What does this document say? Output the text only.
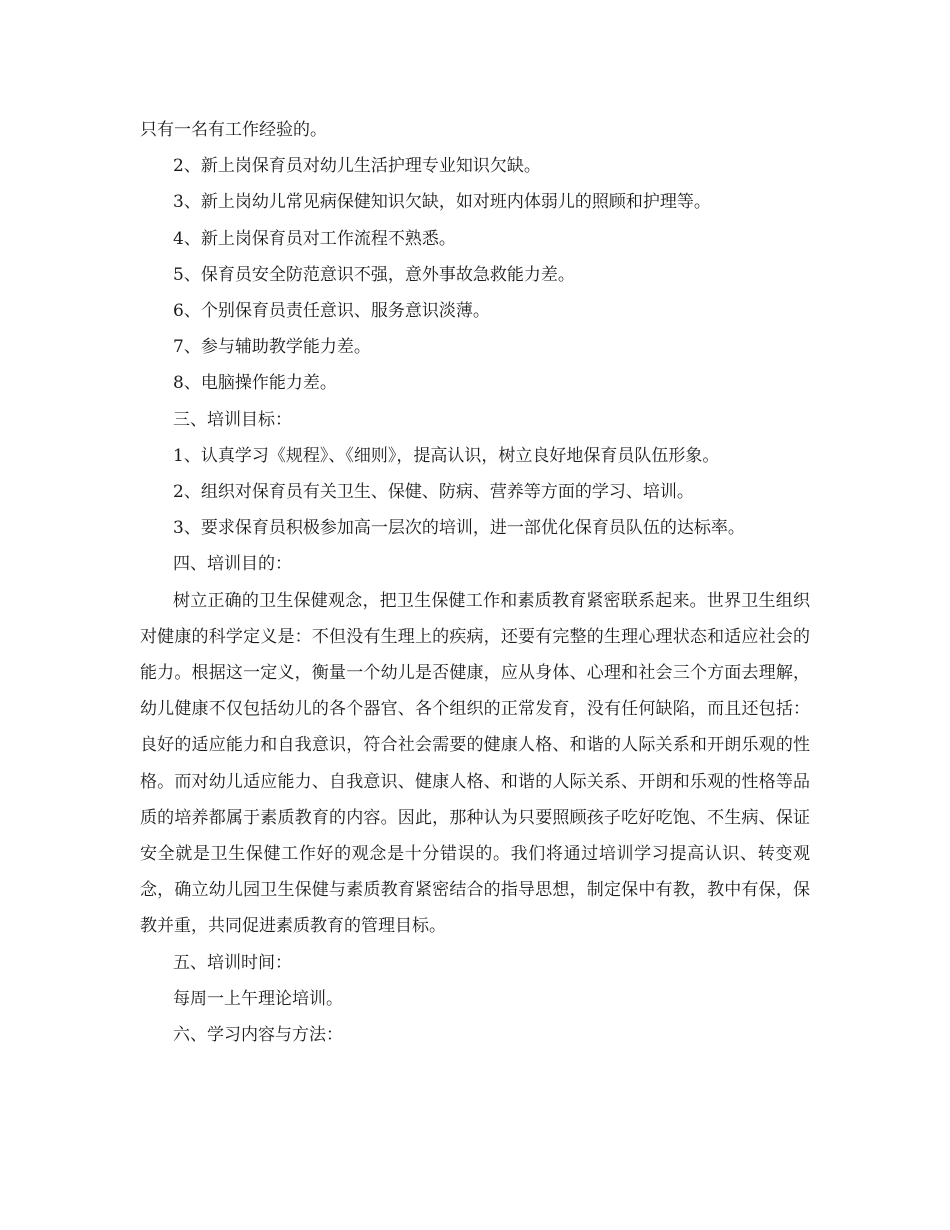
只有一名有工作经验的。

2、新上岗保育员对幼儿生活护理专业知识欠缺。

3、新上岗幼儿常见病保健知识欠缺，如对班内体弱儿的照顾和护理等。

4、新上岗保育员对工作流程不熟悉。

5、保育员安全防范意识不强，意外事故急救能力差。

6、个别保育员责任意识、服务意识淡薄。

7、参与辅助教学能力差。

8、电脑操作能力差。

三、培训目标：

1、认真学习《规程》、《细则》，提高认识，树立良好地保育员队伍形象。

2、组织对保育员有关卫生、保健、防病、营养等方面的学习、培训。

3、要求保育员积极参加高一层次的培训，进一部优化保育员队伍的达标率。

四、培训目的：

树立正确的卫生保健观念，把卫生保健工作和素质教育紧密联系起来。世界卫生组织对健康的科学定义是：不但没有生理上的疾病，还要有完整的生理心理状态和适应社会的能力。根据这一定义，衡量一个幼儿是否健康，应从身体、心理和社会三个方面去理解，幼儿健康不仅包括幼儿的各个器官、各个组织的正常发育，没有任何缺陷，而且还包括：良好的适应能力和自我意识，符合社会需要的健康人格、和谐的人际关系和开朗乐观的性格。而对幼儿适应能力、自我意识、健康人格、和谐的人际关系、开朗和乐观的性格等品质的培养都属于素质教育的内容。因此，那种认为只要照顾孩子吃好吃饱、不生病、保证安全就是卫生保健工作好的观念是十分错误的。我们将通过培训学习提高认识、转变观念，确立幼儿园卫生保健与素质教育紧密结合的指导思想，制定保中有教，教中有保，保教并重，共同促进素质教育的管理目标。

五、培训时间：

每周一上午理论培训。

六、学习内容与方法：
